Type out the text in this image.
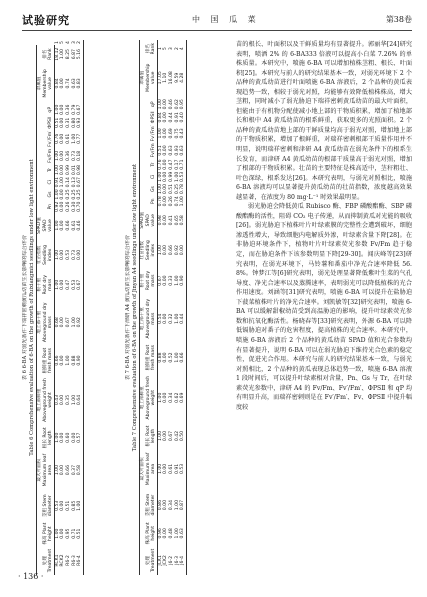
试验研究	中 国 瓜 菜	第38卷
表 6 6-BA 对弱光条件下瑞祥密刺黄瓜幼苗生长影响的综合评价 Table 6 Comprehensive evaluation of 6-BA on the growth of Ruixiangmici seedlings under low light environment
处理 Treatment	株高 Plant height	茎粗 Stem diameter	最大叶面积 Maximum leaf area	根长 Root length	地上部鲜重 Aboveground fresh weight	根鲜重 Root fresh mass	地上部干重 Aboveground dry mass	根干重 Root dry mass	壮苗指数 Seedling index	SPAD值 SPAD value	Pn	Gs	Ci	Tr	Fv/Fm	Fv′/Fm′	ФPSⅡ	qP	隶属值 Membership value	排名 Rank	
RCK1	1.00	0.53	1.00	1.00	0.43	0.66	0.68	1.00	1.00	1.00	0.92	1.00	0.91	1.00	1.00	0.76	0.51	1.00	0.84	18.12	1
RCK2	0.00	0.00	0.00	0.00	0.00	0.00	0.00	0.00	0.00	0.00	0.00	0.00	1.00	0.00	0.00	0.00	0.00	0.00	0.00	1.00	5
R6-2	0.95	0.51	0.66	0.60	0.35	1.00	0.67	0.47	0.53	0.66	0.26	0.25	0.14	0.99	0.36	0.61	0.31	0.36	0.74	8.25	4
R6-3	0.71	0.85	0.37	0.00	1.00	0.88	1.00	0.53	0.73	0.61	0.30	0.25	0.13	0.01	0.73	1.00	0.80	0.79	0.63	6.87	3
R6-4	0.51	1.00	0.58	0.57	0.64	0.90	0.92	0.67	0.00	0.46	0.70	0.25	0.67	0.98	0.18	0.77	0.93	0.67	0.83	5.16	2
表 7 6-BA 对弱光条件下津研 A4 黄瓜幼苗生长影响的综合评价 Table 7 Comprehensive evaluation of 6-BA on the growth of Jinyan A4 seedlings under low light environment
处理 Treatment	株高 Plant height	茎粗 Stem diameter	最大叶面积 Maximum leaf area	根长 Root length	地上部鲜重 Aboveground fresh weight	根鲜重 Root fresh mass	地上部干重 Aboveground dry mass	根干重 Root dry mass	壮苗指数 Seedling index	SPAD值 SPAD value	Pn	Gs	Ci	Tr	Fv/Fm	Fv′/Fm′	ФPSⅡ	qP	隶属值 Membership value	排名 Rank
JCK1	0.96	0.86	1.00	1.00	1.00	0.88	0.54	0.67	1.00	0.98	0.78	1.00	1.00	0.76	0.51	1.00	0.84	1.00	17.05	1
JCK2	0.00	0.00	0.00	0.00	0.00	0.00	0.00	0.00	0.00	0.00	0.00	0.00	0.00	0.00	0.00	0.00	0.00	0.00	1.10	5
J6-2	0.48	0.34	0.61	0.67	0.34	0.52	0.32	0.33	0.66	0.41	0.26	0.51	0.99	0.47	0.63	0.69	0.44	0.46	16.08	3
J6-3	1.00	1.00	0.91	0.42	0.62	1.00	1.00	1.00	0.92	0.65	0.74	0.25	1.00	0.17	0.93	0.75	0.91	0.62	9.59	2
J6-4	0.63	0.87	0.53	0.50	0.69	0.66	0.44	0.90	0.00	0.58	1.00	0.78	0.53	0.71	0.63	0.43	0.40	0.95	4.28	4

苗的根长、叶面积以及干鲜质量均有显著提升。郭丽华[24]研究表明，喷洒 2% 的 6-BA333 倍液可以提高小白菜 7.26% 的单株质量。本研究中，喷施 6-BA 可以增加植株茎粗、根长、叶面积[25]。本研究与前人的研究结果基本一致，对弱光环境下 2 个品种的黄瓜幼苗进行叶面喷施 6-BA 溶液后，2 个品种的黄瓜表现趋势一致，相较于弱光对照，均能够有效降低植株株高，增大茎粗，同时减小了弱光胁迫下瑞祥密刺黄瓜幼苗的最大叶面积，但能由于有机物分配使减小地上部的干物质积累，增加了植地部长和根中 A4 黄瓜幼苗的根系鲜重，获取更多的光照面积。2 个品种的黄瓜幼苗地上部的干鲜质量均高于弱光对照，增加地上部的干物质积累，增加了根鲜重，对瑞祥密刺根部干质量作用并不明显，说明瑞祥密刺和津研 A4 黄瓜幼苗在弱光条件下的根系生长发育，而津研 A4 黄瓜幼苗的根部干质量高于弱光对照，增加了根部的干物质积累。壮苗的主要特征是株高适中，茎秆粗壮、叶色深绿，根系发达[26]。本研究表明，与弱光对照相比，喷施 6-BA 溶液均可以显著提升黄瓜幼苗的壮苗指数，浓度越高效果越显著，在浓度为 80 mg·L⁻¹ 时效果最明显。

弱光胁迫会降低黄瓜 Rubisco 酶、FBP 磷酸酯酶、SBP 磷酸酯酶的活性，阻碍 CO₂ 电子传递，从而抑制黄瓜对光能的吸收[26]。弱光胁迫下植株叶片叶绿素膜的完整性会遭到破坏，细胞渗透性增大，导致细胞内电解质外渗，叶绿素含量下降[28]。在非胁迫环境条件下，植物叶片叶绿素荧光参数 Fv/Fm 趋于稳定，而在胁迫条件下该参数明显下降[29-30]。闻庆峰等[23]研究表明，在弱光环境下，马铃薯和番茄中净光合速率降低 56.8%。钟梦江等[6]研究表明，弱光处理显著降低紫叶生菜的气孔导度、净光合速率以及蒸腾速率，表明弱光可以降低植株的光合作用速度。刘涵等[31]研究表明，喷施 6-BA 可以提升在盐胁迫下菠菜植株叶片的净光合速率。刘凯敏等[32]研究表明，喷施 6-BA 可以缓解甜椒幼苗受到高温胁迫的影响，提升叶绿素荧光参数和抗氧化酶活性。杨晓春等[33]研究表明，外源 6-BA 可以降低镉胁迫对番子的危害程度，提高植株的光合速率。本研究中，喷施 6-BA 溶液后 2 个品种的黄瓜幼苗 SPAD 值和光合参数均有显著提升，说明 6-BA 可以在弱光胁迫下维持光合色素的稳定性，促进光合作用。本研究与前人的研究结果基本一致，与弱光对照相比，2 个品种的黄瓜表现总体趋势一致，喷施 6-BA 溶液 1 段时间后，可以提升叶绿素相对含量，Pn、Gs 与 Tr，在叶绿素荧光参数中，津研 A4 的 Fv/Fm、Fv′/Fm′、ФPSⅡ 和 qP 均有明显升高，而瑞祥密刺则是在 Fv′/Fm′、Fv、ФPSⅡ 中提升幅度较

· 136 ·
